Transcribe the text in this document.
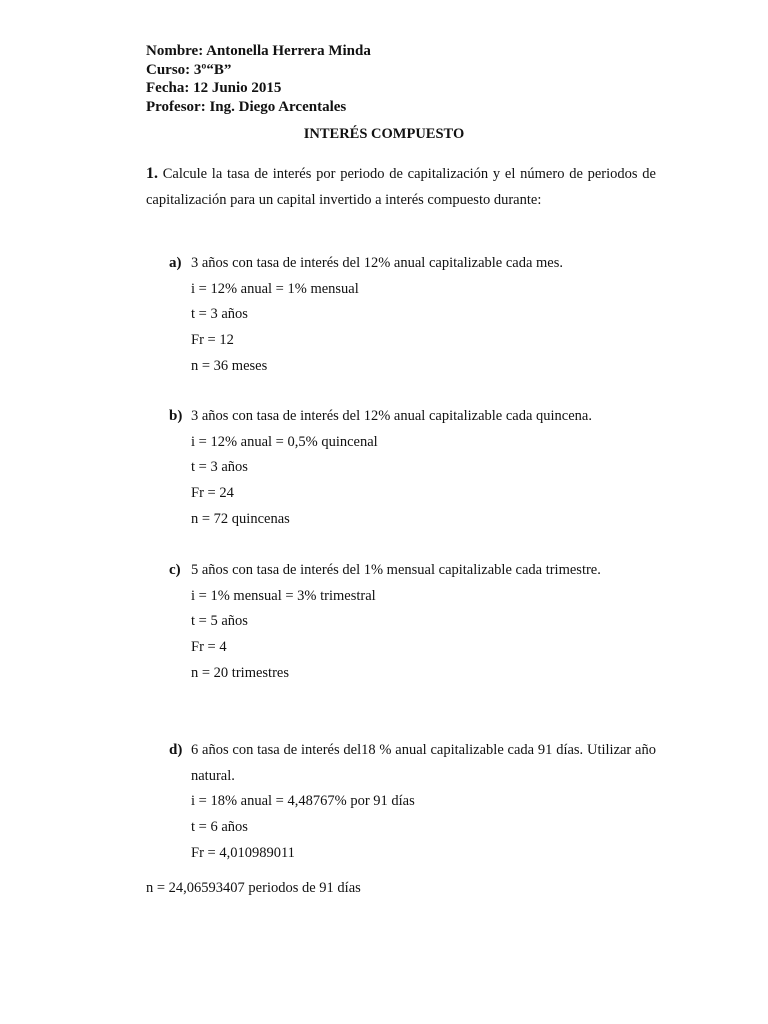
Nombre: Antonella Herrera Minda
Curso: 3º“B”
Fecha: 12 Junio 2015
Profesor: Ing. Diego Arcentales
INTERÉS COMPUESTO
1. Calcule la tasa de interés por periodo de capitalización y el número de periodos de capitalización para un capital invertido a interés compuesto durante:
a) 3 años con tasa de interés del 12% anual capitalizable cada mes.
i = 12% anual = 1% mensual
t = 3 años
Fr = 12
n = 36 meses
b) 3 años con tasa de interés del 12% anual capitalizable cada quincena.
i = 12% anual = 0,5% quincenal
t = 3 años
Fr = 24
n = 72 quincenas
c) 5 años con tasa de interés del 1% mensual capitalizable cada trimestre.
i = 1% mensual = 3% trimestral
t = 5 años
Fr = 4
n = 20 trimestres
d) 6 años con tasa de interés del18 % anual capitalizable cada 91 días. Utilizar año natural.
i = 18% anual = 4,48767% por 91 días
t = 6 años
Fr = 4,010989011
n = 24,06593407 periodos de 91 días
